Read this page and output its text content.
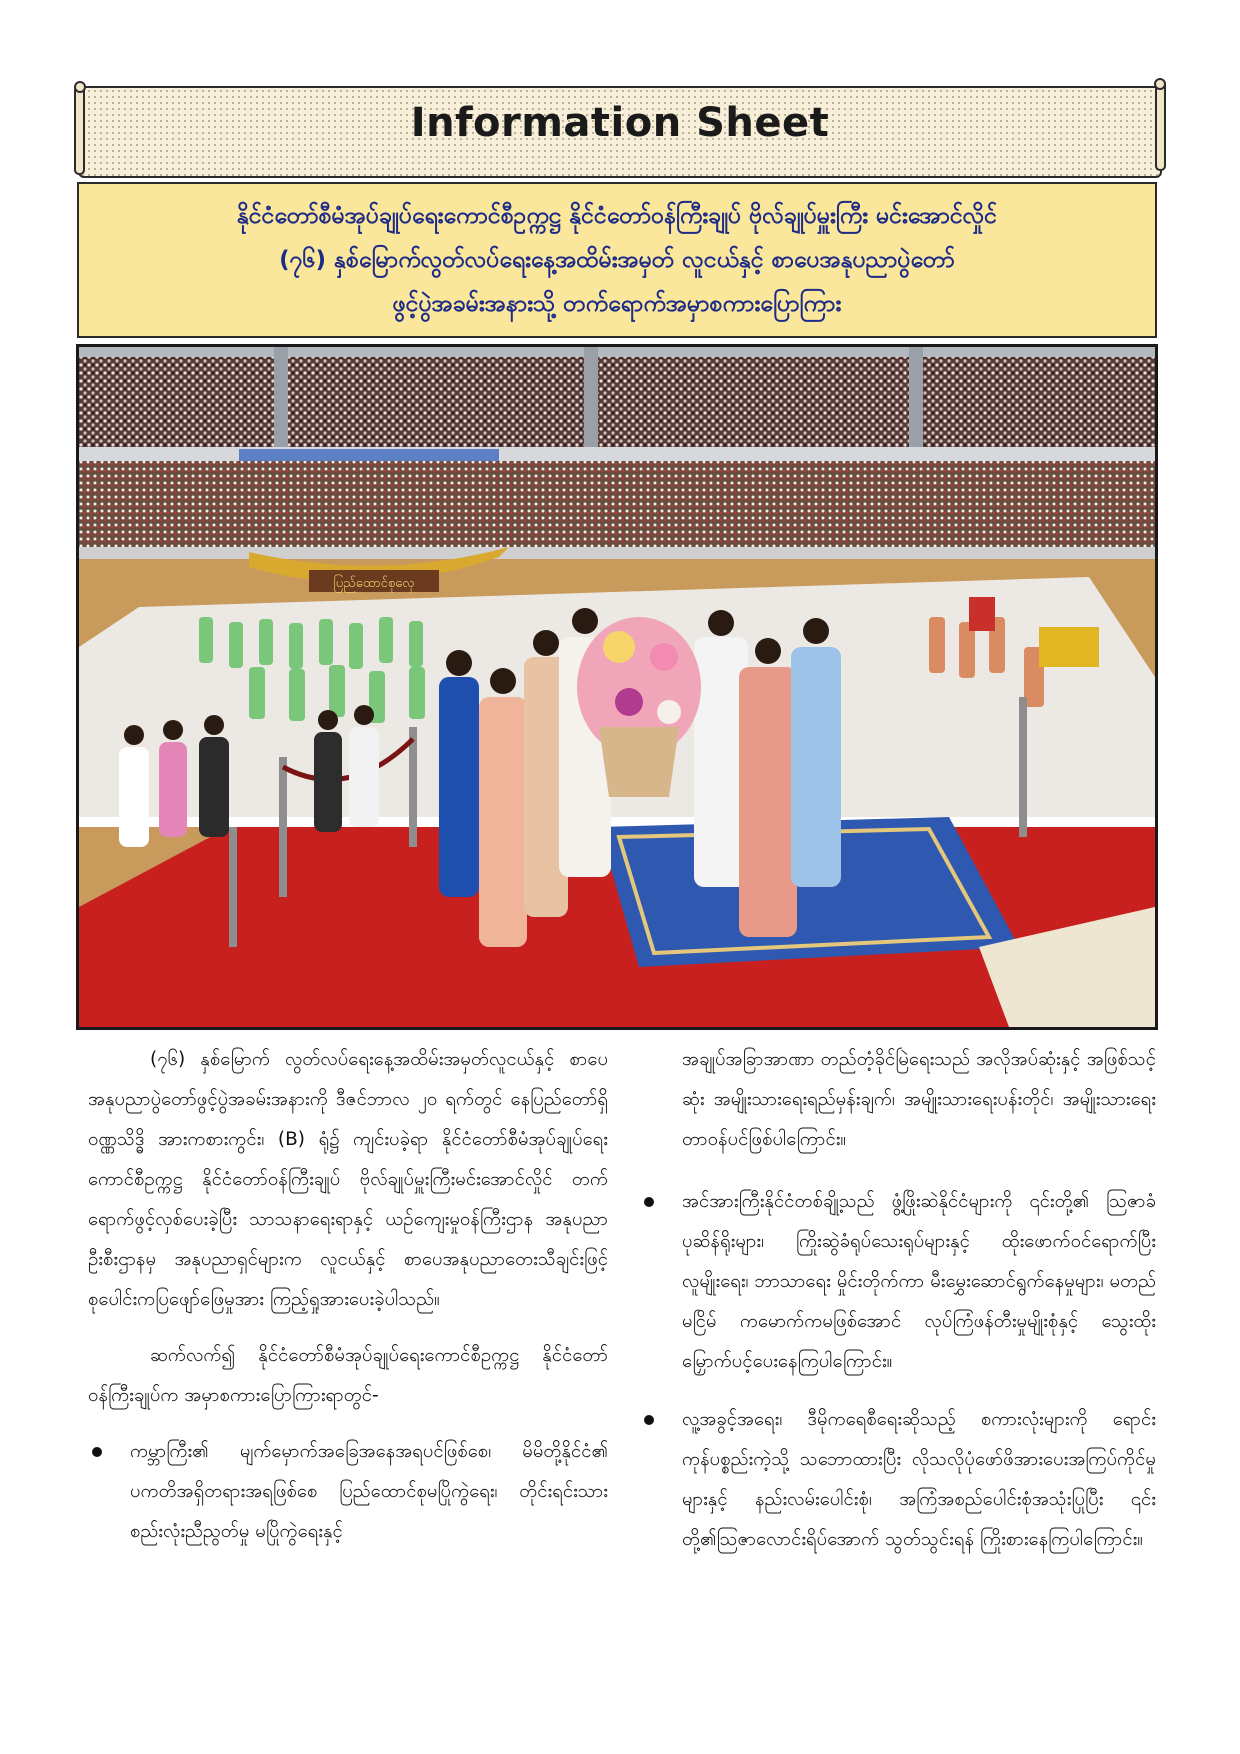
Information Sheet
နိုင်ငံတော်စီမံအုပ်ချုပ်ရေးကောင်စီဥက္ကဋ္ဌ နိုင်ငံတော်ဝန်ကြီးချုပ် ဗိုလ်ချုပ်မှူးကြီး မင်းအောင်လှိုင်
(၇၆) နှစ်မြောက်လွတ်လပ်ရေးနေ့အထိမ်းအမှတ် လူငယ်နှင့် စာပေအနုပညာပွဲတော်
ဖွင့်ပွဲအခမ်းအနားသို့ တက်ရောက်အမှာစကားပြောကြား
ပြည်ထောင်စုလှေ

(၇၆) နှစ်မြောက် လွတ်လပ်ရေးနေ့အထိမ်းအမှတ်လူငယ်နှင့် စာပေအနုပညာပွဲတော်ဖွင့်ပွဲအခမ်းအနားကို ဒီဇင်ဘာလ ၂၀ ရက်တွင် နေပြည်တော်ရှိ ဝဏ္ဏသိဒ္ဓိ အားကစားကွင်း၊ (B) ရုံ၌ ကျင်းပခဲ့ရာ နိုင်ငံတော်စီမံအုပ်ချုပ်ရေးကောင်စီဥက္ကဋ္ဌ နိုင်ငံတော်ဝန်ကြီးချုပ် ဗိုလ်ချုပ်မှူးကြီးမင်းအောင်လှိုင် တက်ရောက်ဖွင့်လှစ်ပေးခဲ့ပြီး သာသနာရေးရာနှင့် ယဉ်ကျေးမှုဝန်ကြီးဌာန အနုပညာဦးစီးဌာနမှ အနုပညာရှင်များက လူငယ်နှင့် စာပေအနုပညာတေးသီချင်းဖြင့် စုပေါင်းကပြဖျော်ဖြေမှုအား ကြည့်ရှုအားပေးခဲ့ပါသည်။

ဆက်လက်၍ နိုင်ငံတော်စီမံအုပ်ချုပ်ရေးကောင်စီဥက္ကဋ္ဌ နိုင်ငံတော်ဝန်ကြီးချုပ်က အမှာစကားပြောကြားရာတွင်-

ကမ္ဘာကြီး၏ မျက်မှောက်အခြေအနေအရပင်ဖြစ်စေ၊ မိမိတို့နိုင်ငံ၏ ပကတိအရှိတရားအရဖြစ်စေ ပြည်ထောင်စုမပြိုကွဲရေး၊ တိုင်းရင်းသားစည်းလုံးညီညွတ်မှု မပြိုကွဲရေးနှင့်

အချုပ်အခြာအာဏာ တည်တံ့ခိုင်မြဲရေးသည် အလိုအပ်ဆုံးနှင့် အဖြစ်သင့်ဆုံး အမျိုးသားရေးရည်မှန်းချက်၊ အမျိုးသားရေးပန်းတိုင်၊ အမျိုးသားရေး တာဝန်ပင်ဖြစ်ပါကြောင်း။

အင်အားကြီးနိုင်ငံတစ်ချို့သည် ဖွံ့ဖြိုးဆဲနိုင်ငံများကို ၎င်းတို့၏ ဩဇာခံပုဆိန်ရိုးများ၊ ကြိုးဆွဲခံရုပ်သေးရုပ်များနှင့် ထိုးဖောက်ဝင်ရောက်ပြီး လူမျိုးရေး၊ ဘာသာရေး မှိုင်းတိုက်ကာ မီးမွှေးဆောင်ရွက်နေမှုများ၊ မတည်မငြိမ် ကမောက်ကမဖြစ်အောင် လုပ်ကြံဖန်တီးမှုမျိုးစုံနှင့် သွေးထိုးမြှောက်ပင့်ပေးနေကြပါကြောင်း။
လူ့အခွင့်အရေး၊ ဒီမိုကရေစီရေးဆိုသည့် စကားလုံးများကို ရောင်းကုန်ပစ္စည်းကဲ့သို့ သဘောထားပြီး လိုသလိုပုံဖော်ဖိအားပေးအကြပ်ကိုင်မှုများနှင့် နည်းလမ်းပေါင်းစုံ၊ အကြံအစည်ပေါင်းစုံအသုံးပြုပြီး ၎င်းတို့၏ဩဇာလောင်းရိပ်အောက် သွတ်သွင်းရန် ကြိုးစားနေကြပါကြောင်း။
